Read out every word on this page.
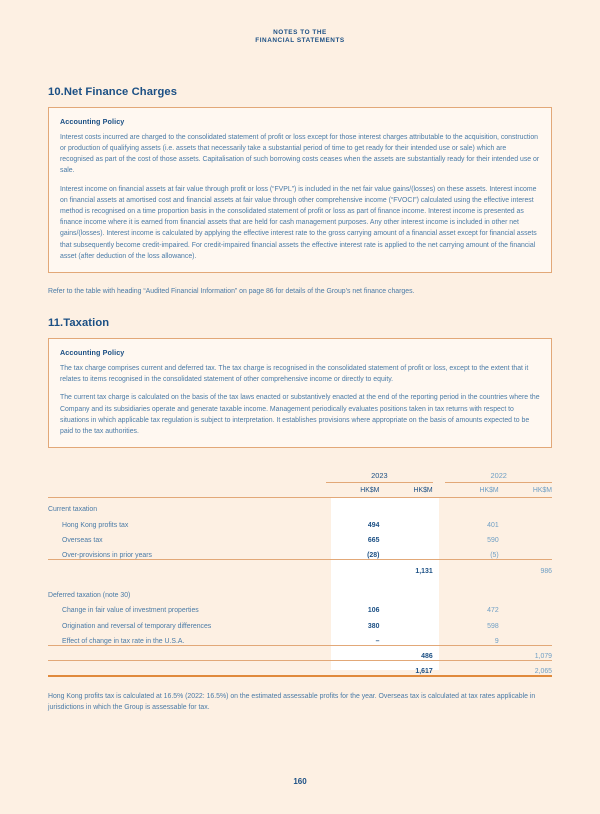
NOTES TO THE
FINANCIAL STATEMENTS
10.Net Finance Charges
Accounting Policy

Interest costs incurred are charged to the consolidated statement of profit or loss except for those interest charges attributable to the acquisition, construction or production of qualifying assets (i.e. assets that necessarily take a substantial period of time to get ready for their intended use or sale) which are recognised as part of the cost of those assets. Capitalisation of such borrowing costs ceases when the assets are substantially ready for their intended use or sale.

Interest income on financial assets at fair value through profit or loss (“FVPL”) is included in the net fair value gains/(losses) on these assets. Interest income on financial assets at amortised cost and financial assets at fair value through other comprehensive income (“FVOCI”) calculated using the effective interest method is recognised on a time proportion basis in the consolidated statement of profit or loss as part of finance income. Interest income is presented as finance income where it is earned from financial assets that are held for cash management purposes. Any other interest income is included in other net gains/(losses). Interest income is calculated by applying the effective interest rate to the gross carrying amount of a financial asset except for financial assets that subsequently become credit-impaired. For credit-impaired financial assets the effective interest rate is applied to the net carrying amount of the financial asset (after deduction of the loss allowance).

Refer to the table with heading “Audited Financial Information” on page 86 for details of the Group’s net finance charges.

11.Taxation
Accounting Policy

The tax charge comprises current and deferred tax. The tax charge is recognised in the consolidated statement of profit or loss, except to the extent that it relates to items recognised in the consolidated statement of other comprehensive income or directly to equity.

The current tax charge is calculated on the basis of the tax laws enacted or substantively enacted at the end of the reporting period in the countries where the Company and its subsidiaries operate and generate taxable income. Management periodically evaluates positions taken in tax returns with respect to situations in which applicable tax regulation is subject to interpretation. It establishes provisions where appropriate on the basis of amounts expected to be paid to the tax authorities.

	2023			2022	
	HK$M	HK$M		HK$M	HK$M

Current taxation					
Hong Kong profits tax	494			401	
Overseas tax	665			590	
Over-provisions in prior years	(28)			(5)	
		1,131			986

Deferred taxation (note 30)					
Change in fair value of investment properties	106			472	
Origination and reversal of temporary differences	380			598	
Effect of change in tax rate in the U.S.A.	–			9	
		486			1,079
		1,617			2,065

Hong Kong profits tax is calculated at 16.5% (2022: 16.5%) on the estimated assessable profits for the year. Overseas tax is calculated at tax rates applicable in jurisdictions in which the Group is assessable for tax.

160
